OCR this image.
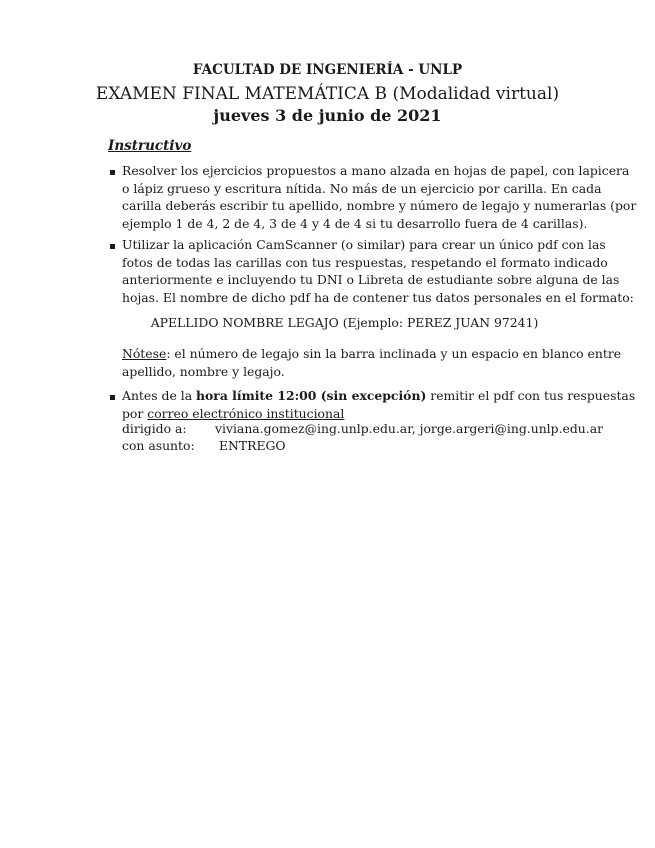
FACULTAD DE INGENIERÍA - UNLP
EXAMEN FINAL MATEMÁTICA B (Modalidad virtual)
jueves 3 de junio de 2021
Instructivo
Resolver los ejercicios propuestos a mano alzada en hojas de papel, con lapicera
o lápiz grueso y escritura nítida. No más de un ejercicio por carilla. En cada
carilla deberás escribir tu apellido, nombre y número de legajo y numerarlas (por
ejemplo 1 de 4, 2 de 4, 3 de 4 y 4 de 4 si tu desarrollo fuera de 4 carillas).
Utilizar la aplicación CamScanner (o similar) para crear un único pdf con las
fotos de todas las carillas con tus respuestas, respetando el formato indicado
anteriormente e incluyendo tu DNI o Libreta de estudiante sobre alguna de las
hojas. El nombre de dicho pdf ha de contener tus datos personales en el formato:
APELLIDO NOMBRE LEGAJO (Ejemplo: PEREZ JUAN 97241)
Nótese: el número de legajo sin la barra inclinada y un espacio en blanco entre
apellido, nombre y legajo.
Antes de la hora límite 12:00 (sin excepción) remitir el pdf con tus respuestas
por correo electrónico institucional
dirigido a: viviana.gomez@ing.unlp.edu.ar, jorge.argeri@ing.unlp.edu.ar
con asunto: ENTREGO
